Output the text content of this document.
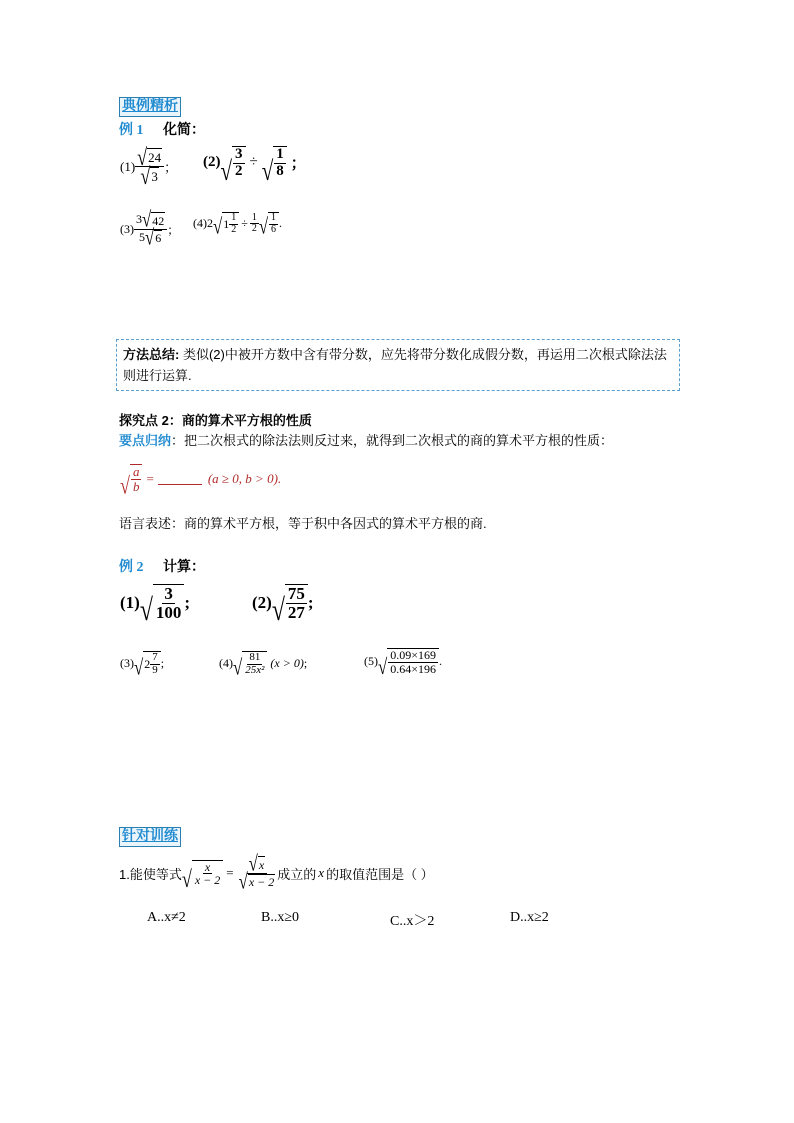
典例精析
例 1 化简：
$(1) \frac{√ 24}{√ 3}$ ； (2) √ $\frac{3}{2}$ ÷ √ $\frac{1}{8}$ ；
$(3) \frac{3 √ 42}{5 √ 6}$ ； (4) 2 √ $1 \frac{1}{2} \div \frac{1}{2}$ √ $\frac{1}{6}$ .
方法总结: 类似(2)中被开方数中含有带分数，应先将带分数化成假分数，再运用二次根式除法法则进行运算.
探究点 2：商的算术平方根的性质
要点归纳：把二次根式的除法法则反过来，就得到二次根式的商的算术平方根的性质：
√ $\frac{a}{b}$ =	(a ≥ 0, b > 0).
语言表述：商的算术平方根，等于积中各因式的算术平方根的商.
例 2 计算：
(1) √ $\frac{3}{100}$ ;	(2) √ $\frac{75}{27}$ ;
(3) √ $2 \frac{7}{9}$ ;	(4) √ $\frac{81}{\text{25x²}} (x > 0)$ ;	(5) √ $\frac{0.09\times 169}{0.64\times 196}$ .
针对训练
1.能使等式 √ $\frac{x}{x - 2} = \frac{√ x}{√ x - 2}$ 成立的 x 的取值范围是（ ）
A..x≠2	B..x≥0	C..x＞2	D..x≥2
